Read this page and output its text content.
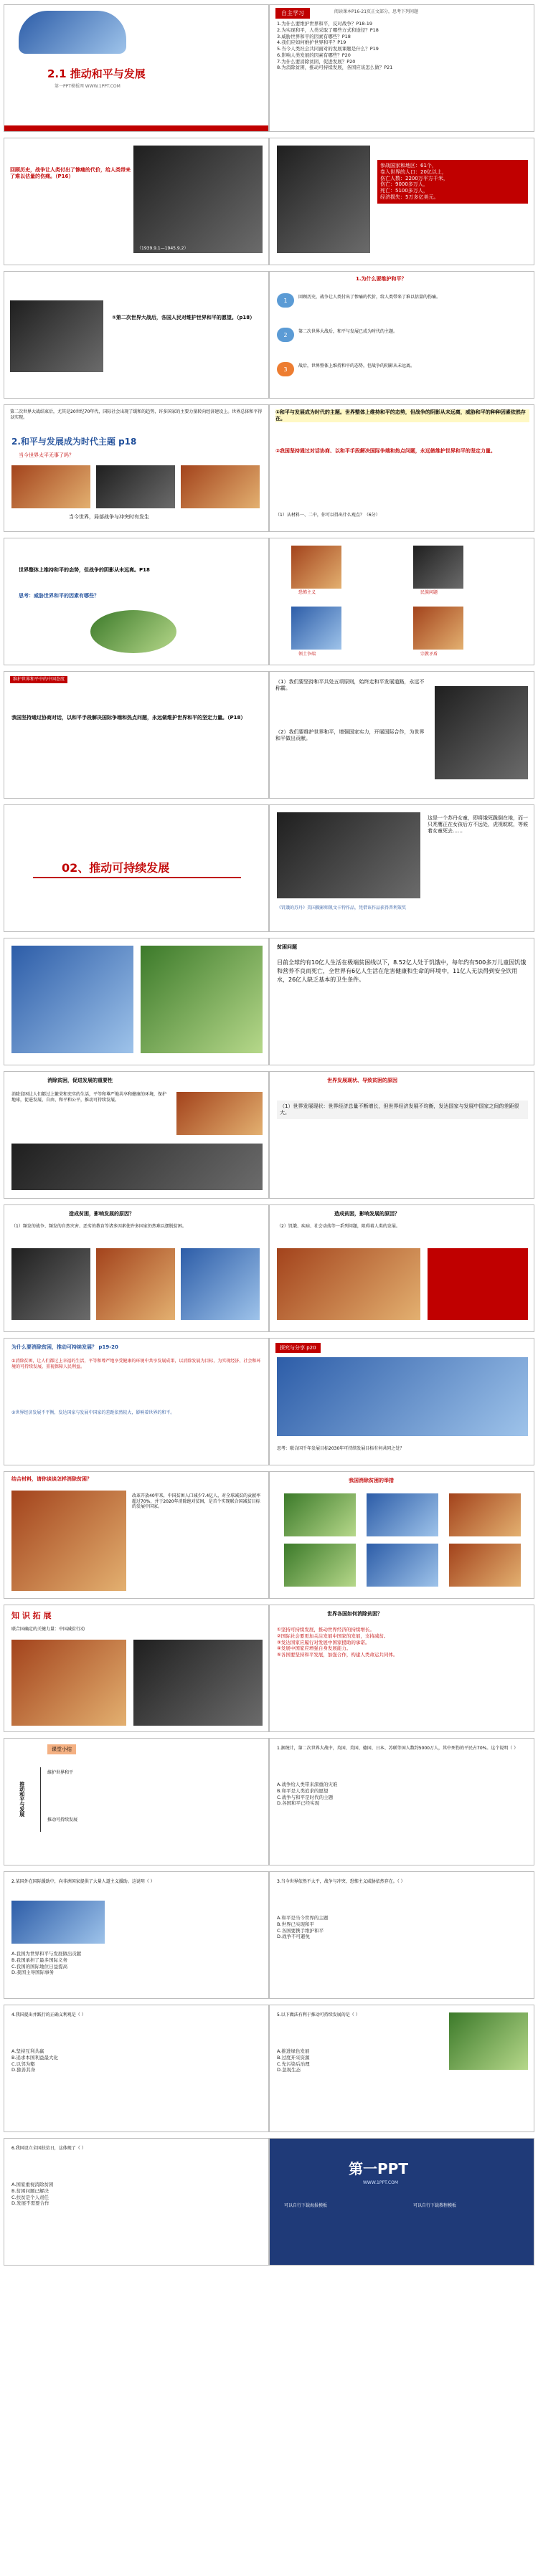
2.1 推动和平与发展
第一PPT模板网 WWW.1PPT.COM
自主学习	阅读课本P16-21页正文部分，思考下列问题
1.为什么要维护世界和平，反对战争？P18-19
2.为实现和平，人类采取了哪些方式和途径？P18
3.威胁世界和平的因素有哪些？P18
4.我们应如何维护世界和平？P19
5.当今人类社会共同面对的发展课题是什么？P19
6.影响人类发展的因素有哪些？P20
7.为什么要消除贫困，促进发展？P20
8.为消除贫困，推动可持续发展，各国应该怎么做？P21
回顾历史，战争让人类付出了惨痛的代价，给人类带来了难以估量的伤痛。（P16）
（1939.9.1—1945.9.2）
参战国家和地区：61个，
卷入世界的人口：20亿以上，
伤亡人数：2200万平方千米，
伤亡：9000多万人，
死亡：5100多万人，
经济损失：5万多亿美元。
①第二次世界大战后，各国人民对维护世界和平的愿望。（p18）
1.为什么要维护和平？
1	回顾历史，战争让人类付出了惨痛的代价，给人类带来了难以估量的伤痛。
2	第二次世界大战后，和平与发展已成为时代的主题。
3	战后，世界整体上维持和平的态势，但战争的阴影从未远离。
第二次世界大战结束后，尤其是20世纪70年代，国际社会出现了缓和的趋势，许多国家的主要力量转向经济建设上。世界总体和平得以实现。
2.和平与发展成为时代主题 p18
当今世界太平无事了吗？
当今世界，局部战争与冲突时有发生
①和平与发展成为时代的主题。世界整体上维持和平的态势，但战争的阴影从未远离，威胁和平的种种因素依然存在。
②我国坚持通过对话协商、以和平手段解决国际争端和热点问题，永远做维护世界和平的坚定力量。
（1）从材料一、二中，你可以得出什么观点？（6分）
世界整体上维持和平的态势，但战争的阴影从未远离。P18
思考：威胁世界和平的因素有哪些？
恐怖主义	民族问题
领土争端	宗教矛盾
维护世界和平中的中国态度
我国坚持通过协商对话，以和平手段解决国际争端和热点问题，永远做维护世界和平的坚定力量。（P18）
（1）我们要坚持和平共处五项原则，始终走和平发展道路，永远不称霸。
（2）我们要维护世界和平，增强国家实力，开展国际合作，为世界和平做出贡献。
02、推动可持续发展
这是一个苏丹女童，即将饿死跪倒在地，而一只秃鹰正在女孩后方不远处，虎视眈眈，等候着女童死去……
《饥饿的苏丹》美国摄影师凯文卡特作品，凭借该作品获得普利策奖
贫困问题
目前全球约有10亿人生活在极端贫困线以下，8.52亿人处于饥饿中，每年约有500多万儿童因饥饿和营养不良而死亡，全世界有6亿人生活在危害健康和生命的环境中，11亿人无法得到安全饮用水，26亿人缺乏基本的卫生条件。
消除贫困，促进发展的重要性
消除贫困让人们都过上繁荣和充实的生活，平等和尊严地共享和健康的环境，保护地球，促进发展、自由、和平和公平，推动可持续发展。
世界发展现状、导致贫困的原因
（1）世界发展现状：世界经济总量不断增长，但世界经济发展不均衡，发达国家与发展中国家之间的差距很大。
造成贫困，影响发展的原因？
（1）频发的战争、频发的自然灾害、恶劣的教育等诸多因素使许多国家仍然难以摆脱贫困。
造成贫困，影响发展的原因？
（2）饥饿、疾病、社会动荡等一系列问题，阻碍着人类的发展。
为什么要消除贫困，推动可持续发展？ p19-20
①消除贫困，让人们都过上幸福的生活，平等和尊严地享受健康的环境中共享发展成果，以消除发展为目标，为实现经济、社会和环境的可持续发展，重视保障人民利益。
②世界经济发展不平衡，发达国家与发展中国家的差距依然较大，影响着世界的和平。
探究与分享 p20
思考：联合国千年发展目标2030年可持续发展目标有何共同之处？
结合材料，请你谈谈怎样消除贫困？
改革开放40年来，中国贫困人口减少7.4亿人，对全球减贫的贡献率超过70%，并于2020年消除绝对贫困，是首个实现联合国减贫目标的发展中国家。
我国消除贫困的举措
知 识 拓 展
联合国确定的关键力量：中国减贫行动
世界各国如何消除贫困？
①坚持可持续发展，推动世界经济的持续增长。
②国际社会要更加关注发展中国家的发展，支持减贫。
③发达国家应履行对发展中国家援助的承诺。
④发展中国家应增强自身发展能力。
⑤各国要坚持和平发展，加强合作，构建人类命运共同体。
课堂小结
推动和平与发展
维护世界和平
推动可持续发展
1.据统计，第二次世界大战中，英国、美国、德国、日本、苏联等国人数约5000万人，其中死伤的平民占70%。这个说明（ ）
A.战争给人类带来深重的灾难
B.和平是人类追求的愿望
C.战争与和平是时代的主题
D.各国和平已经实现
2.某国外在国际援助中，向非洲国家提供了大量人道主义援助。这说明（ ）
A.我国为世界和平与发展做出贡献
B.我国承担了最多国际义务
C.我国的国际地位日益提高
D.我国主导国际事务
3.当今世界依然不太平，战争与冲突、恐怖主义威胁依然存在。（ ）
A.和平是当今世界的主题
B.世界已实现和平
C.各国要携手维护和平
D.战争不可避免
4.我国提出并践行的正确义利观是（ ）
A.坚持互利共赢
B.追求本国利益最大化
C.以邻为壑
D.独善其身
5.以下做法有利于推动可持续发展的是（ ）
A.推进绿色发展
B.过度开采资源
C.先污染后治理
D.忽视生态
6.我国设立全国扶贫日，这体现了（ ）
A.国家重视消除贫困
B.贫困问题已解决
C.扶贫是个人责任
D.发展不需要合作
第一PPT
WWW.1PPT.COM
可以自行下载海报模板	可以自行下载教程模板
